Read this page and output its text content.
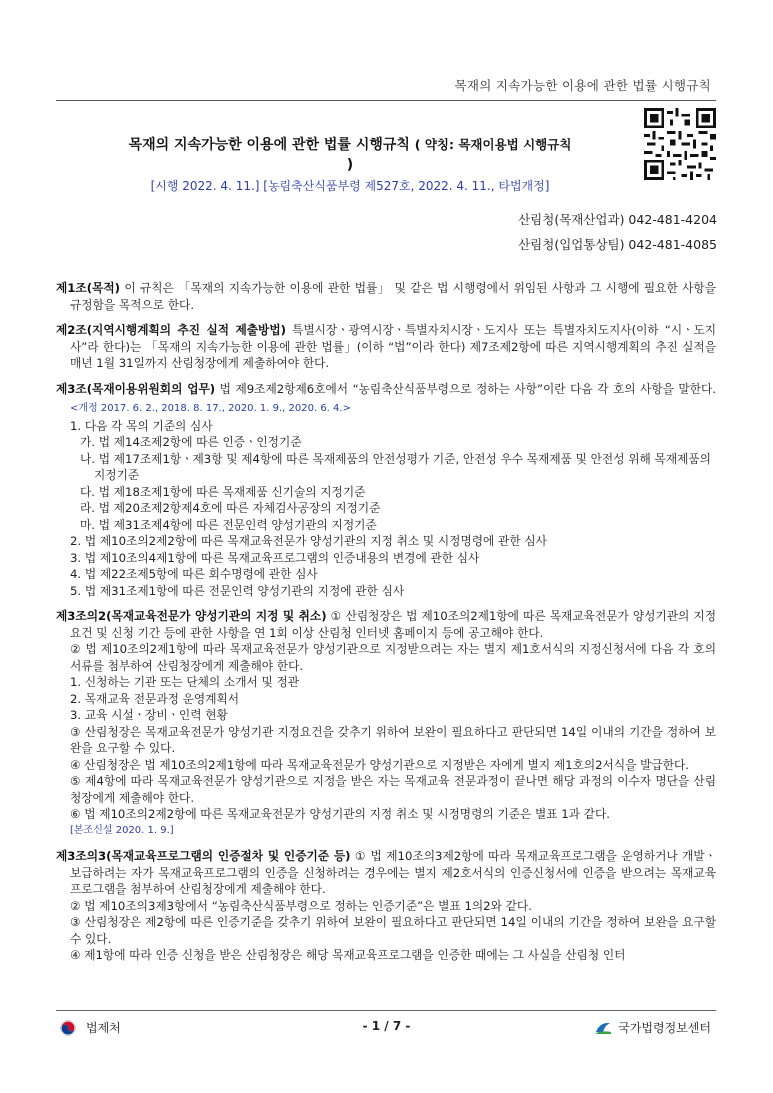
목재의 지속가능한 이용에 관한 법률 시행규칙
목재의 지속가능한 이용에 관한 법률 시행규칙 ( 약칭: 목재이용법 시행규칙
)
[시행 2022. 4. 11.] [농림축산식품부령 제527호, 2022. 4. 11., 타법개정]
산림청(목재산업과) 042-481-4204
산림청(입업통상팀) 042-481-4085

제1조(목적) 이 규칙은 「목재의 지속가능한 이용에 관한 법률」 및 같은 법 시행령에서 위임된 사항과 그 시행에 필요한 사항을 규정함을 목적으로 한다.

제2조(지역시행계획의 추진 실적 제출방법) 특별시장ㆍ광역시장ㆍ특별자치시장ㆍ도지사 또는 특별자치도지사(이하 “시ㆍ도지사”라 한다)는 「목재의 지속가능한 이용에 관한 법률」(이하 “법”이라 한다) 제7조제2항에 따른 지역시행계획의 추진 실적을 매년 1월 31일까지 산림청장에게 제출하여야 한다.

제3조(목재이용위원회의 업무) 법 제9조제2항제6호에서 “농림축산식품부령으로 정하는 사항”이란 다음 각 호의 사항을 말한다. <개정 2017. 6. 2., 2018. 8. 17., 2020. 1. 9., 2020. 6. 4.>

1. 다음 각 목의 기준의 심사
가. 법 제14조제2항에 따른 인증ㆍ인정기준
나. 법 제17조제1항ㆍ제3항 및 제4항에 따른 목재제품의 안전성평가 기준, 안전성 우수 목재제품 및 안전성 위해 목재제품의 지정기준
다. 법 제18조제1항에 따른 목재제품 신기술의 지정기준
라. 법 제20조제2항제4호에 따른 자체검사공장의 지정기준
마. 법 제31조제4항에 따른 전문인력 양성기관의 지정기준
2. 법 제10조의2제2항에 따른 목재교육전문가 양성기관의 지정 취소 및 시정명령에 관한 심사
3. 법 제10조의4제1항에 따른 목재교육프로그램의 인증내용의 변경에 관한 심사
4. 법 제22조제5항에 따른 회수명령에 관한 심사
5. 법 제31조제1항에 따른 전문인력 양성기관의 지정에 관한 심사

제3조의2(목재교육전문가 양성기관의 지정 및 취소) ① 산림청장은 법 제10조의2제1항에 따른 목재교육전문가 양성기관의 지정요건 및 신청 기간 등에 관한 사항을 연 1회 이상 산림청 인터넷 홈페이지 등에 공고해야 한다.

② 법 제10조의2제1항에 따라 목재교육전문가 양성기관으로 지정받으려는 자는 별지 제1호서식의 지정신청서에 다음 각 호의 서류를 첨부하여 산림청장에게 제출해야 한다.
1. 신청하는 기관 또는 단체의 소개서 및 정관
2. 목재교육 전문과정 운영계획서
3. 교육 시설ㆍ장비ㆍ인력 현황
③ 산림청장은 목재교육전문가 양성기관 지정요건을 갖추기 위하여 보완이 필요하다고 판단되면 14일 이내의 기간을 정하여 보완을 요구할 수 있다.
④ 산림청장은 법 제10조의2제1항에 따라 목재교육전문가 양성기관으로 지정받은 자에게 별지 제1호의2서식을 발급한다.
⑤ 제4항에 따라 목재교육전문가 양성기관으로 지정을 받은 자는 목재교육 전문과정이 끝나면 해당 과정의 이수자 명단을 산림청장에게 제출해야 한다.
⑥ 법 제10조의2제2항에 따른 목재교육전문가 양성기관의 지정 취소 및 시정명령의 기준은 별표 1과 같다.
[본조신설 2020. 1. 9.]

제3조의3(목재교육프로그램의 인증절차 및 인증기준 등) ① 법 제10조의3제2항에 따라 목재교육프로그램을 운영하거나 개발ㆍ보급하려는 자가 목재교육프로그램의 인증을 신청하려는 경우에는 별지 제2호서식의 인증신청서에 인증을 받으려는 목재교육프로그램을 첨부하여 산림청장에게 제출해야 한다.

② 법 제10조의3제3항에서 “농림축산식품부령으로 정하는 인증기준”은 별표 1의2와 같다.
③ 산림청장은 제2항에 따른 인증기준을 갖추기 위하여 보완이 필요하다고 판단되면 14일 이내의 기간을 정하여 보완을 요구할 수 있다.
④ 제1항에 따라 인증 신청을 받은 산림청장은 해당 목재교육프로그램을 인증한 때에는 그 사실을 산림청 인터
법제처	- 1 / 7 -	국가법령정보센터
